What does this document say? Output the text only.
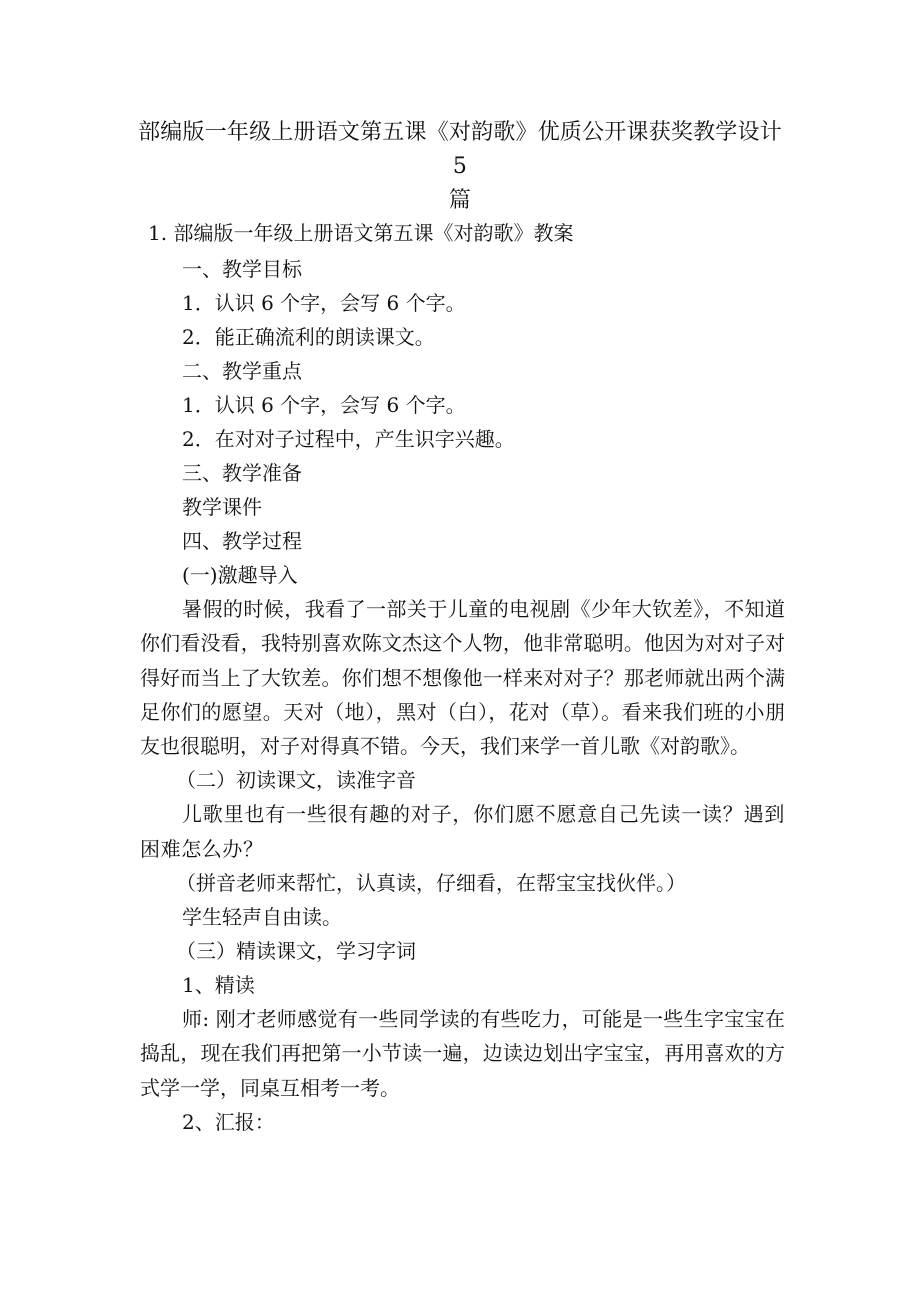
部编版一年级上册语文第五课《对韵歌》优质公开课获奖教学设计 5
篇
1. 部编版一年级上册语文第五课《对韵歌》教案
一、教学目标
1．认识 6 个字，会写 6 个字。
2．能正确流利的朗读课文。
二、教学重点
1．认识 6 个字，会写 6 个字。
2．在对对子过程中，产生识字兴趣。
三、教学准备
教学课件
四、教学过程
(一)激趣导入

暑假的时候，我看了一部关于儿童的电视剧《少年大钦差》，不知道你们看没看，我特别喜欢陈文杰这个人物，他非常聪明。他因为对对子对得好而当上了大钦差。你们想不想像他一样来对对子？那老师就出两个满足你们的愿望。天对（地），黑对（白），花对（草）。看来我们班的小朋友也很聪明，对子对得真不错。今天，我们来学一首儿歌《对韵歌》。

（二）初读课文，读准字音

儿歌里也有一些很有趣的对子，你们愿不愿意自己先读一读？遇到困难怎么办？

（拼音老师来帮忙，认真读，仔细看，在帮宝宝找伙伴。）
学生轻声自由读。
（三）精读课文，学习字词
1、精读

师: 刚才老师感觉有一些同学读的有些吃力，可能是一些生字宝宝在捣乱，现在我们再把第一小节读一遍，边读边划出字宝宝，再用喜欢的方式学一学，同桌互相考一考。

2、汇报：
